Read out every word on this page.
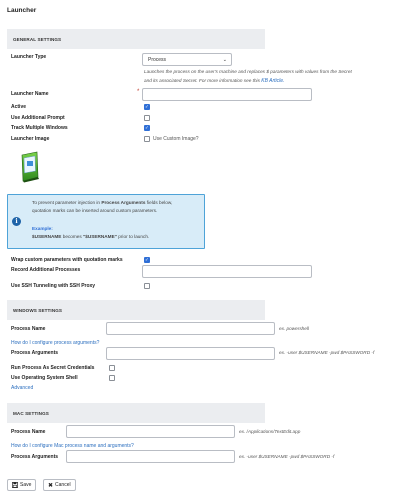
Launcher
GENERAL SETTINGS
Launcher Type	Process	⌄
Launches the process on the user's machine and replaces $ parameters with values from the Secret
and its associated Secret. For more information see this KB Article.
Launcher Name	*
Active	✓
Use Additional Prompt
Track Multiple Windows	✓
Launcher Image	Use Custom Image?
i
To prevent parameter injection in Process Arguments fields below,
quotation marks can be inserted around custom parameters.
Example:
$USERNAME becomes "$USERNAME" prior to launch.
Wrap custom parameters with quotation marks	✓
Record Additional Processes
Use SSH Tunneling with SSH Proxy
WINDOWS SETTINGS
Process Name	ex. powershell
How do I configure process arguments?
Process Arguments	ex. -user $USERNAME -pwd $PASSWORD -f
Run Process As Secret Credentials
Use Operating System Shell
Advanced
MAC SETTINGS
Process Name	ex. /Applications/TextEdit.app
How do I configure Mac process name and arguments?
Process Arguments	ex. -user $USERNAME -pwd $PASSWORD -f
Save	✖ Cancel
